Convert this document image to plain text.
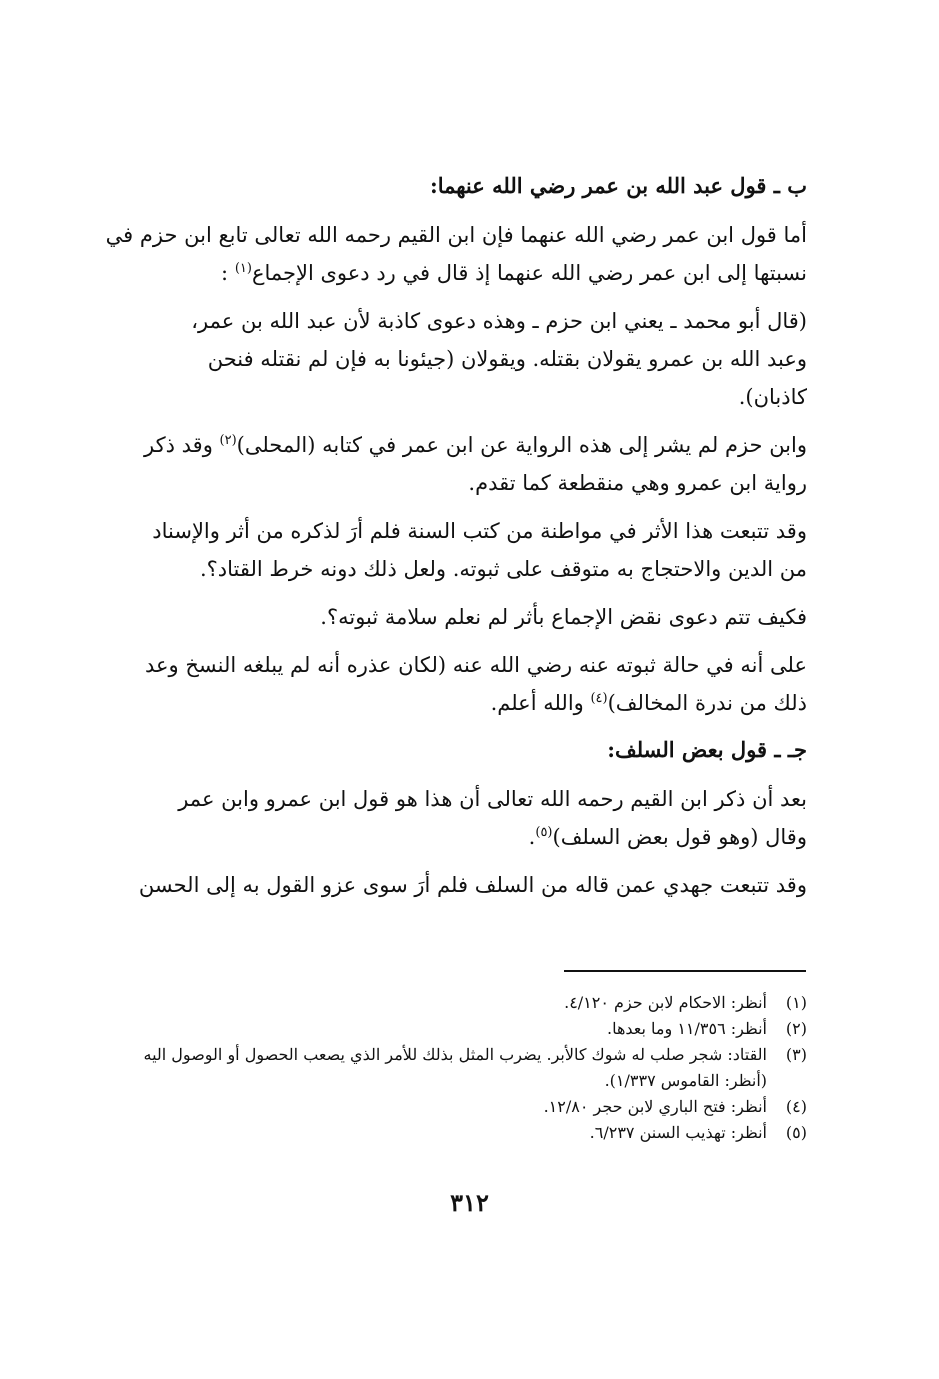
ب ـ قول عبد الله بن عمر رضي الله عنهما:
أما قول ابن عمر رضي الله عنهما فإن ابن القيم رحمه الله تعالى تابع ابن حزم في
نسبتها إلى ابن عمر رضي الله عنهما إذ قال في رد دعوى الإجماع$^{(١)}$ :
(قال أبو محمد ـ يعني ابن حزم ـ وهذه دعوى كاذبة لأن عبد الله بن عمر،
وعبد الله بن عمرو يقولان بقتله. ويقولان (جيئونا به فإن لم نقتله فنحن
كاذبان).
وابن حزم لم يشر إلى هذه الرواية عن ابن عمر في كتابه (المحلى)$^{(٢)}$ وقد ذكر
رواية ابن عمرو وهي منقطعة كما تقدم.
وقد تتبعت هذا الأثر في مواطنة من كتب السنة فلم أرَ لذكره من أثر والإسناد
من الدين والاحتجاج به متوقف على ثبوته. ولعل ذلك دونه خرط القتاد؟.
فكيف تتم دعوى نقض الإجماع بأثر لم نعلم سلامة ثبوته؟.
على أنه في حالة ثبوته عنه رضي الله عنه (لكان عذره أنه لم يبلغه النسخ وعد
ذلك من ندرة المخالف)$^{(٤)}$ والله أعلم.
جـ ـ قول بعض السلف:
بعد أن ذكر ابن القيم رحمه الله تعالى أن هذا هو قول ابن عمرو وابن عمر
وقال (وهو قول بعض السلف)$^{(٥)}$.
وقد تتبعت جهدي عمن قاله من السلف فلم أرَ سوى عزو القول به إلى الحسن
(١)
أنظر: الاحكام لابن حزم ٤/١٢٠.
(٢)
أنظر: ١١/٣٥٦ وما بعدها.
(٣)
القتاد: شجر صلب له شوك كالأبر. يضرب المثل بذلك للأمر الذي يصعب الحصول أو الوصول اليه (أنظر: القاموس ١/٣٣٧).
(٤)
أنظر: فتح الباري لابن حجر ١٢/٨٠.
(٥)
أنظر: تهذيب السنن ٦/٢٣٧.
٣١٢
